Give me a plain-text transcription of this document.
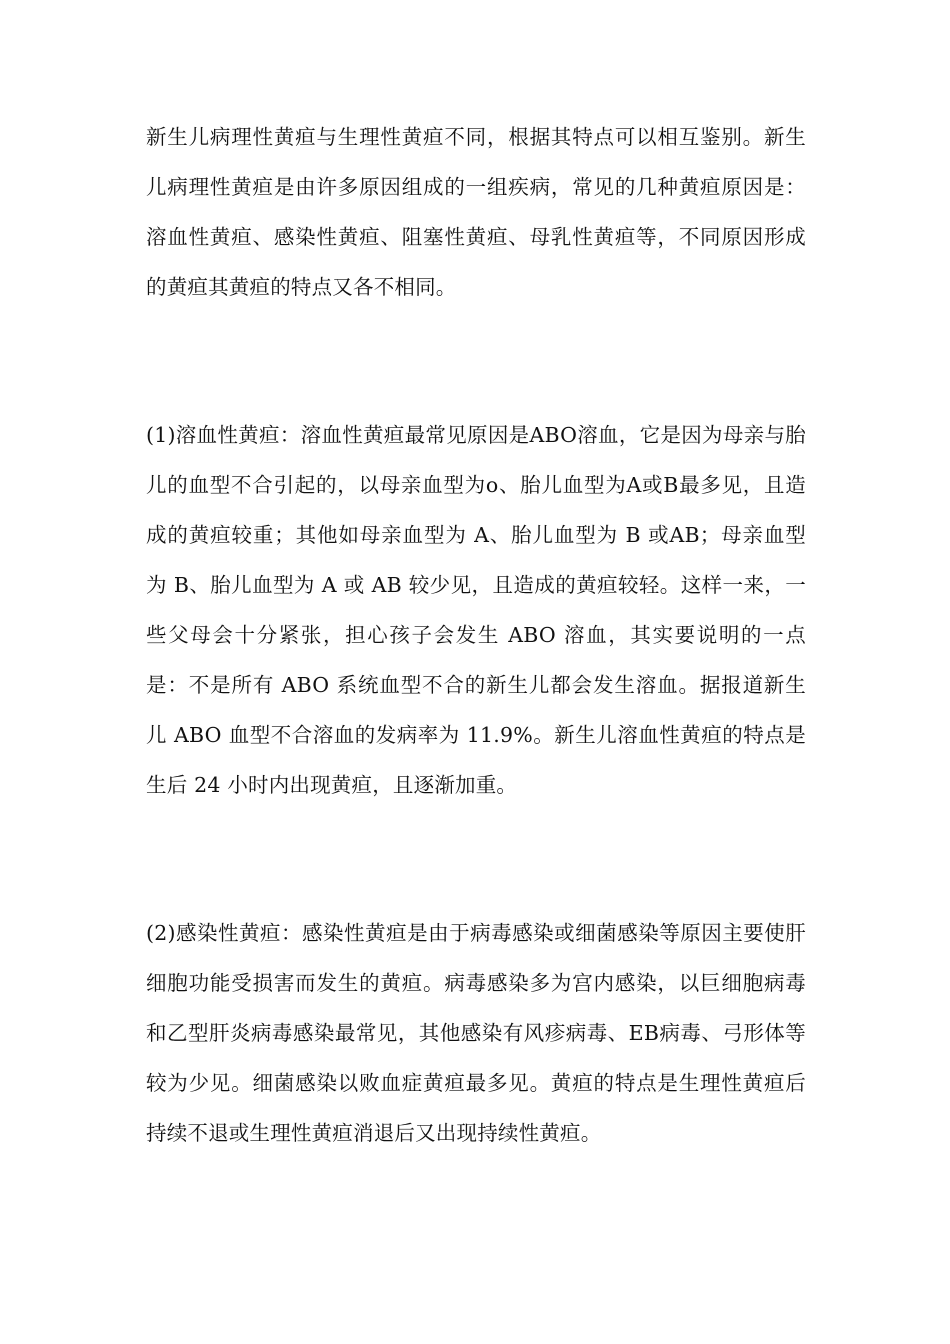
新生儿病理性黄疸与生理性黄疸不同，根据其特点可以相互鉴别。新生儿病理性黄疸是由许多原因组成的一组疾病，常见的几种黄疸原因是：溶血性黄疸、感染性黄疸、阻塞性黄疸、母乳性黄疸等，不同原因形成的黄疸其黄疸的特点又各不相同。

(1)溶血性黄疸：溶血性黄疸最常见原因是ABO溶血，它是因为母亲与胎儿的血型不合引起的，以母亲血型为o、胎儿血型为A或B最多见，且造成的黄疸较重；其他如母亲血型为 A、胎儿血型为 B 或AB；母亲血型为 B、胎儿血型为 A 或 AB 较少见，且造成的黄疸较轻。这样一来，一些父母会十分紧张，担心孩子会发生 ABO 溶血，其实要说明的一点是：不是所有 ABO 系统血型不合的新生儿都会发生溶血。据报道新生儿 ABO 血型不合溶血的发病率为 11.9%。新生儿溶血性黄疸的特点是生后 24 小时内出现黄疸，且逐渐加重。

(2)感染性黄疸：感染性黄疸是由于病毒感染或细菌感染等原因主要使肝细胞功能受损害而发生的黄疸。病毒感染多为宫内感染，以巨细胞病毒和乙型肝炎病毒感染最常见，其他感染有风疹病毒、EB病毒、弓形体等较为少见。细菌感染以败血症黄疸最多见。黄疸的特点是生理性黄疸后持续不退或生理性黄疸消退后又出现持续性黄疸。
